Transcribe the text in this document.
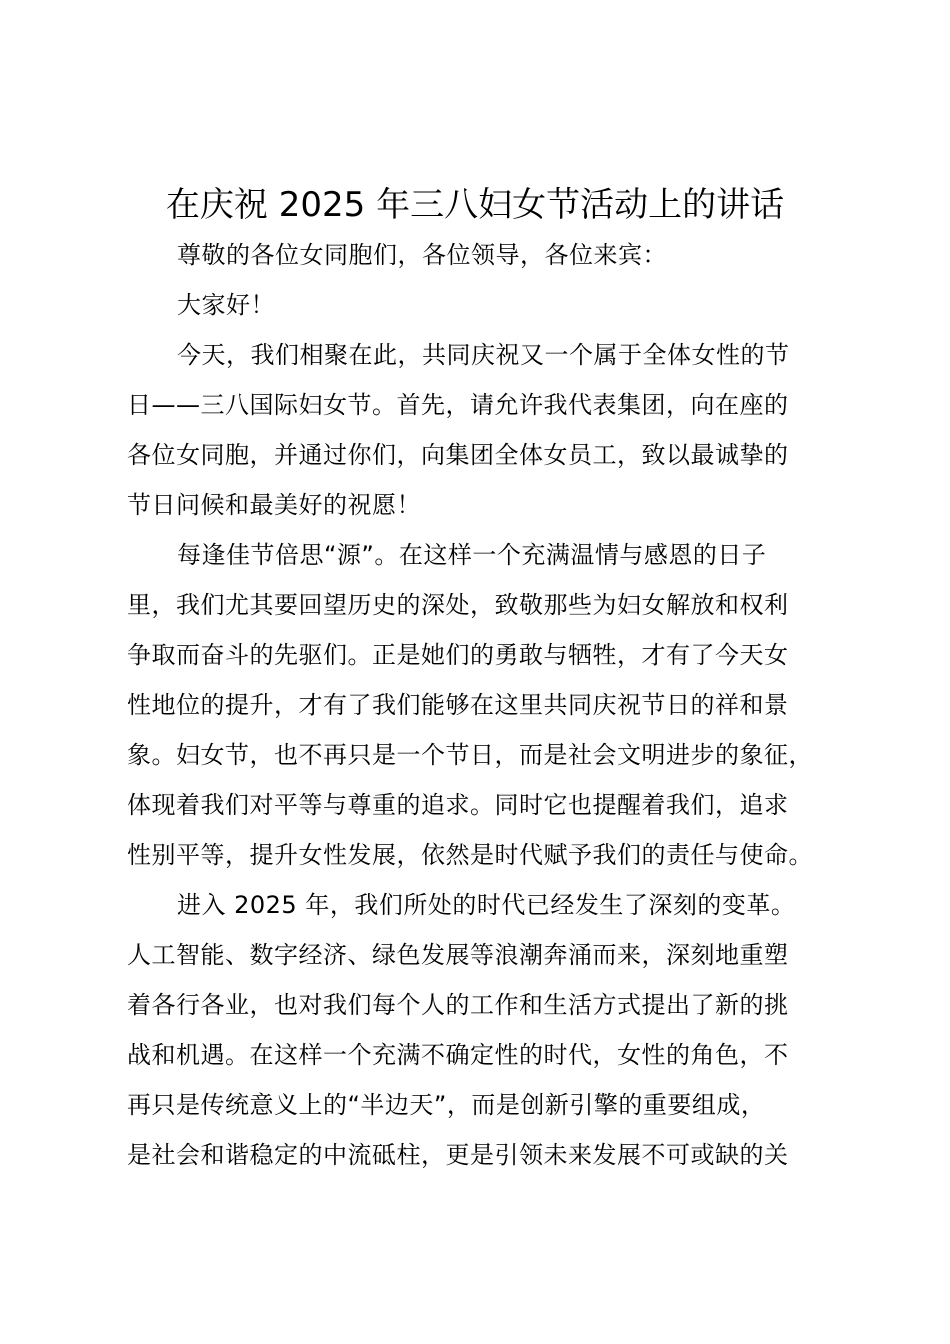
在庆祝 2025 年三八妇女节活动上的讲话
尊敬的各位女同胞们，各位领导，各位来宾：
大家好！
今天，我们相聚在此，共同庆祝又一个属于全体女性的节
日——三八国际妇女节。首先，请允许我代表集团，向在座的
各位女同胞，并通过你们，向集团全体女员工，致以最诚挚的
节日问候和最美好的祝愿！
每逢佳节倍思“源”。在这样一个充满温情与感恩的日子
里，我们尤其要回望历史的深处，致敬那些为妇女解放和权利
争取而奋斗的先驱们。正是她们的勇敢与牺牲，才有了今天女
性地位的提升，才有了我们能够在这里共同庆祝节日的祥和景
象。妇女节，也不再只是一个节日，而是社会文明进步的象征，
体现着我们对平等与尊重的追求。同时它也提醒着我们，追求
性别平等，提升女性发展，依然是时代赋予我们的责任与使命。
进入 2025 年，我们所处的时代已经发生了深刻的变革。
人工智能、数字经济、绿色发展等浪潮奔涌而来，深刻地重塑
着各行各业，也对我们每个人的工作和生活方式提出了新的挑
战和机遇。在这样一个充满不确定性的时代，女性的角色，不
再只是传统意义上的“半边天”，而是创新引擎的重要组成，
是社会和谐稳定的中流砥柱，更是引领未来发展不可或缺的关
